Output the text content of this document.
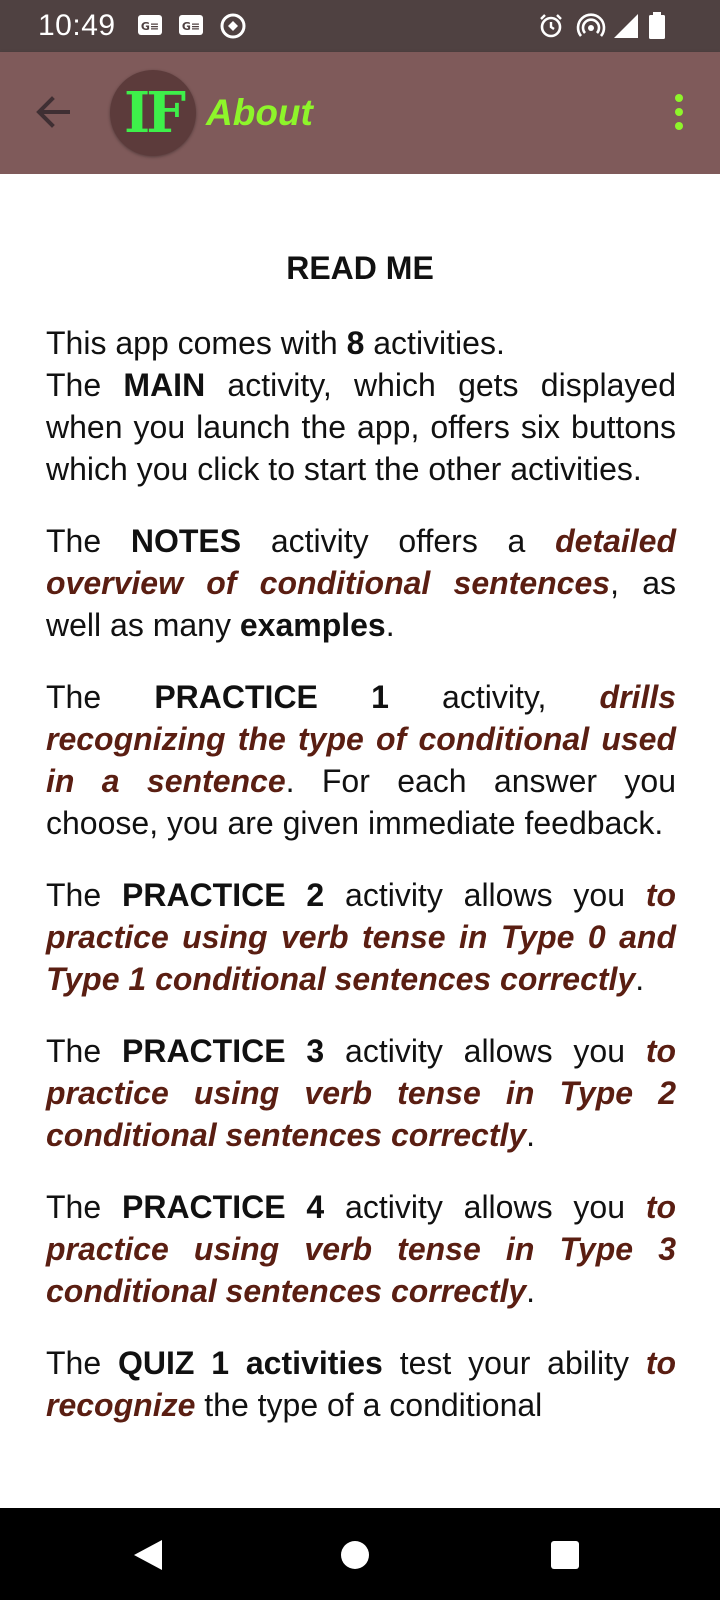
10:49 G≡ G≡
IF About
READ ME

This app comes with 8 activities.
The MAIN activity, which gets displayed when you launch the app, offers six buttons which you click to start the other activities.

The NOTES activity offers a detailed overview of conditional sentences, as well as many examples.

The PRACTICE 1 activity, drills recognizing the type of conditional used in a sentence. For each answer you choose, you are given immediate feedback.

The PRACTICE 2 activity allows you to practice using verb tense in Type 0 and Type 1 conditional sentences correctly.

The PRACTICE 3 activity allows you to practice using verb tense in Type 2 conditional sentences correctly.

The PRACTICE 4 activity allows you to practice using verb tense in Type 3 conditional sentences correctly.

The QUIZ 1 activities test your ability to recognize the type of a conditional
